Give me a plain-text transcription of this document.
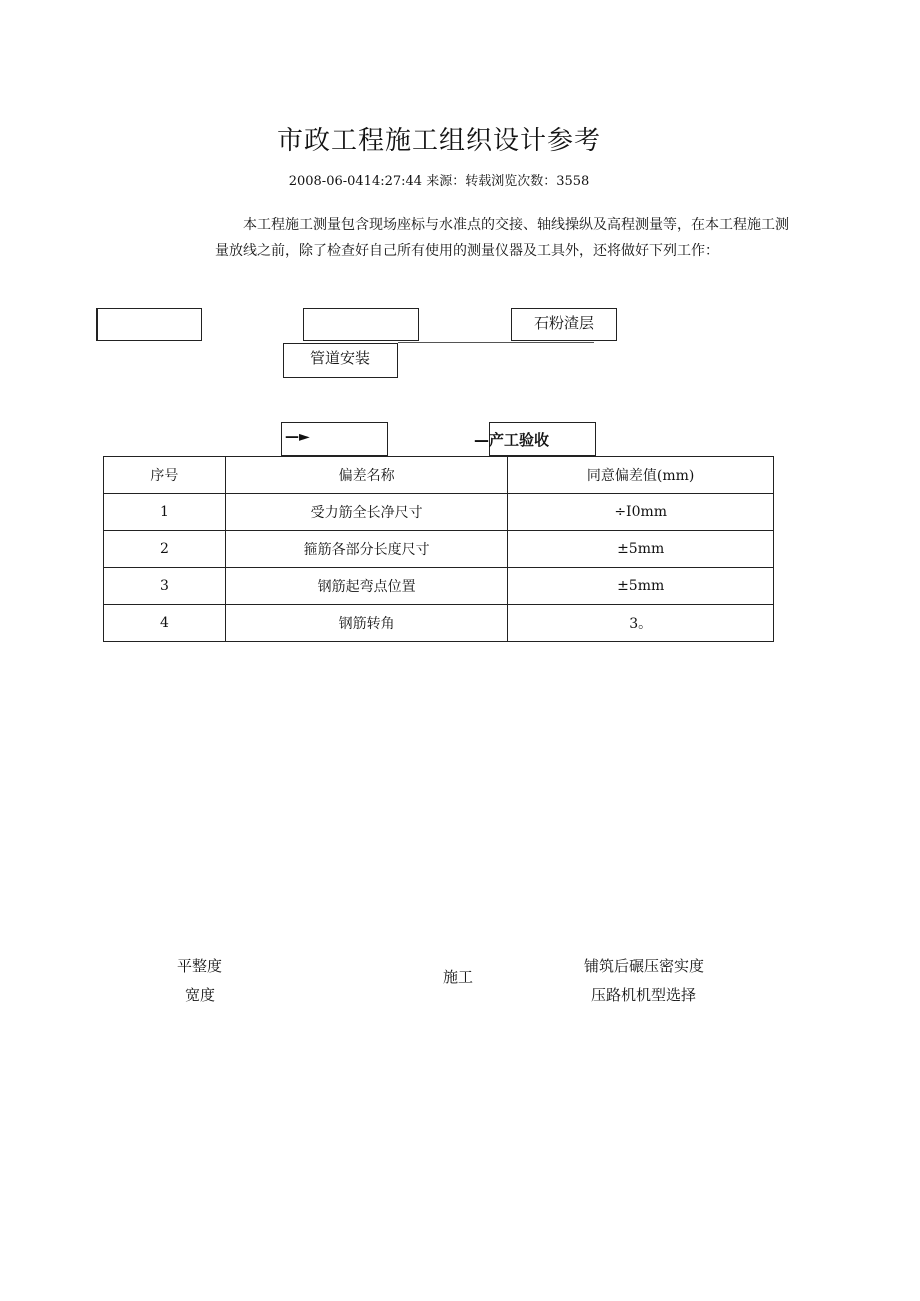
市政工程施工组织设计参考
2008-06-0414:27:44 来源：转载浏览次数：3558
本工程施工测量包含现场座标与水准点的交接、轴线操纵及高程测量等，在本工程施工测量放线之前，除了检查好自己所有使用的测量仪器及工具外，还将做好下列工作：
石粉渣层
管道安装
—►	—产工验收
序号	偏差名称	同意偏差值(mm)
1	受力筋全长净尺寸	÷I0mm
2	箍筋各部分长度尺寸	±5mm
3	钢筋起弯点位置	±5mm
4	钢筋转角	3。
平整度
宽度
施工
铺筑后碾压密实度
压路机机型选择
